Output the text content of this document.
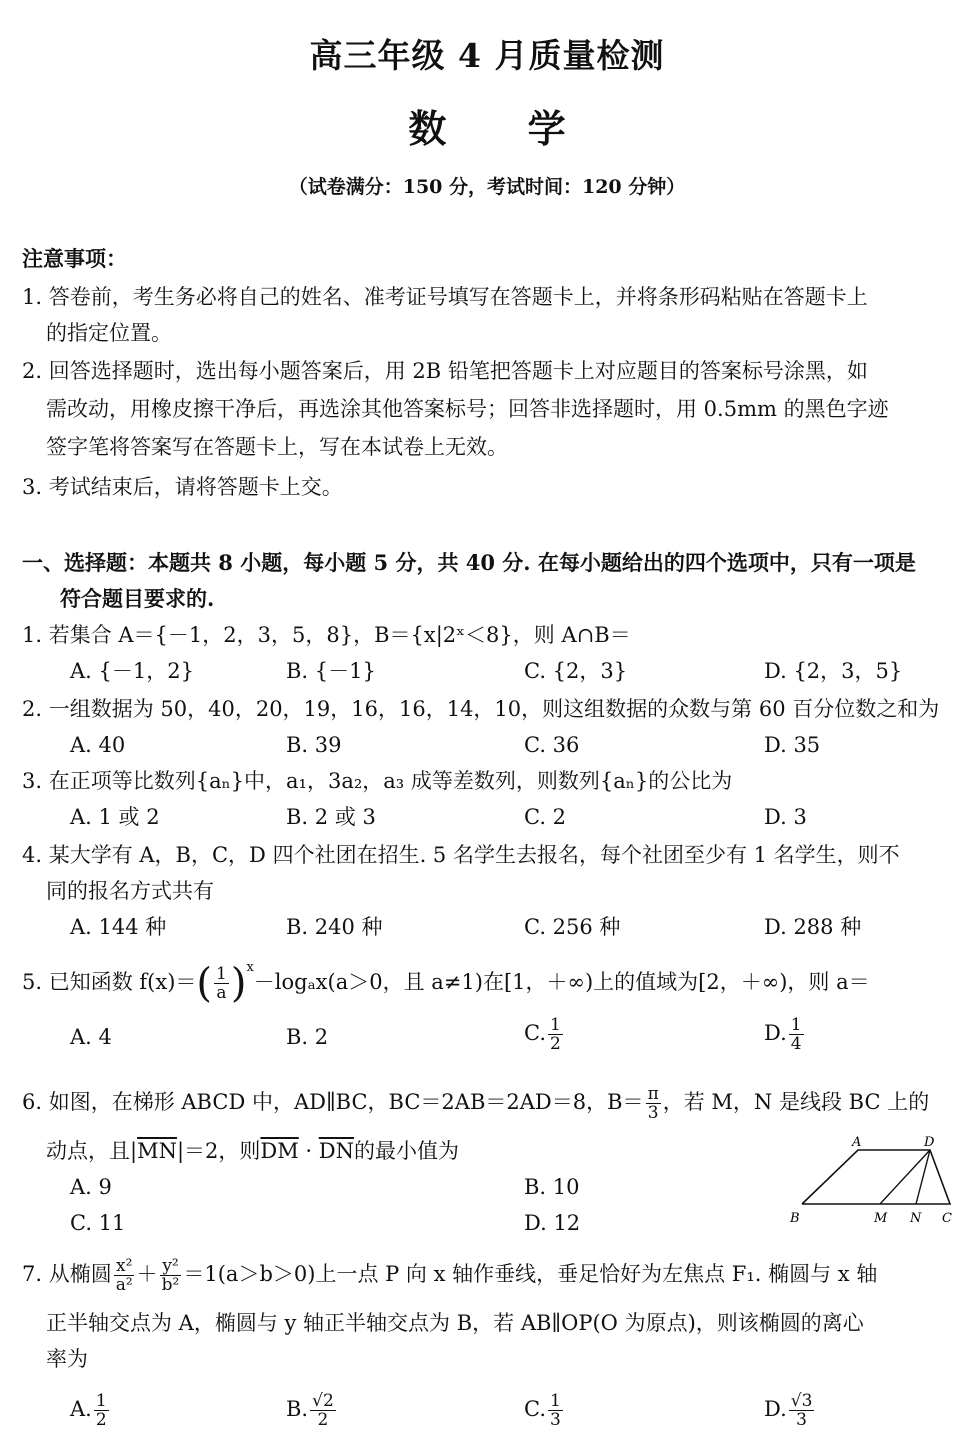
高三年级 4 月质量检测
数 学
（试卷满分：150 分，考试时间：120 分钟）
注意事项：
1. 答卷前，考生务必将自己的姓名、准考证号填写在答题卡上，并将条形码粘贴在答题卡上
的指定位置。
2. 回答选择题时，选出每小题答案后，用 2B 铅笔把答题卡上对应题目的答案标号涂黑，如
需改动，用橡皮擦干净后，再选涂其他答案标号；回答非选择题时，用 0.5mm 的黑色字迹
签字笔将答案写在答题卡上，写在本试卷上无效。
3. 考试结束后，请将答题卡上交。
一、选择题：本题共 8 小题，每小题 5 分，共 40 分. 在每小题给出的四个选项中，只有一项是
符合题目要求的.
1. 若集合 A＝{－1，2，3，5，8}，B＝{x|2ˣ＜8}，则 A∩B＝
A. {－1，2}	B. {－1}	C. {2，3}	D. {2，3，5}
2. 一组数据为 50，40，20，19，16，16，14，10，则这组数据的众数与第 60 百分位数之和为
A. 40	B. 39	C. 36	D. 35
3. 在正项等比数列{aₙ}中，a₁，3a₂，a₃ 成等差数列，则数列{aₙ}的公比为
A. 1 或 2	B. 2 或 3	C. 2	D. 3
4. 某大学有 A，B，C，D 四个社团在招生. 5 名学生去报名，每个社团至少有 1 名学生，则不
同的报名方式共有
A. 144 种	B. 240 种	C. 256 种	D. 288 种
5. 已知函数 $f(x)=( \frac{1}{a} )^x-\log_ax(a>0$，且 a≠1)在[1，＋∞)上的值域为[2，＋∞)，则 a＝
A. 4	B. 2	C. $\frac{1}{2}$	D. $\frac{1}{4}$
6. 如图，在梯形 ABCD 中，AD∥BC，BC＝2AB＝2AD＝8，$B= \frac{\pi}{3}$ ，若 M，N 是线段 BC 上的
动点，且$|\overline{MN}|=2$，则$\overline{DM} \cdot \overline{DN}$的最小值为
A. 9	B. 10
C. 11	D. 12
A	D
B	M N C
7. 从椭圆 $\frac{\text{x²}}{\text{a²}} + \frac{\text{y²}}{\text{b²}} =1(a>b>0)$上一点 P 向 x 轴作垂线，垂足恰好为左焦点 F₁. 椭圆与 x 轴
正半轴交点为 A，椭圆与 y 轴正半轴交点为 B，若 AB∥OP(O 为原点)，则该椭圆的离心
率为
A. $\frac{1}{2}$	B. $\frac{√2}{2}$	C. $\frac{1}{3}$	D. $\frac{√3}{3}$
